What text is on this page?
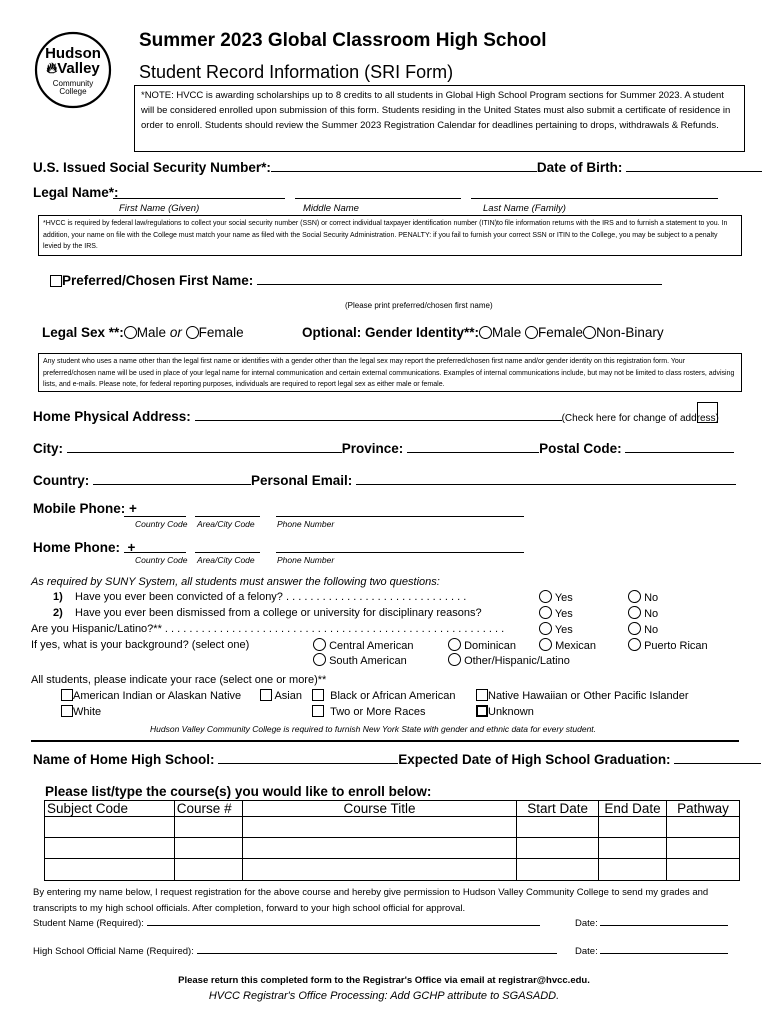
Hudson
🔥︎Valley
Community
College
Summer 2023 Global Classroom High School
Student Record Information (SRI Form)
*NOTE: HVCC is awarding scholarships up to 8 credits to all students in Global High School Program sections for Summer 2023. A student will be considered enrolled upon submission of this form. Students residing in the United States must also submit a certificate of residence in order to enroll. Students should review the Summer 2023 Registration Calendar for deadlines pertaining to drops, withdrawals & Refunds.
U.S. Issued Social Security Number*:	Date of Birth:
Legal Name*:
First Name (Given)	Middle Name	Last Name (Family)
*HVCC is required by federal law/regulations to collect your social security number (SSN) or correct individual taxpayer identification number (ITIN)to file information returns with the IRS and to furnish a statement to you. In addition, your name on file with the College must match your name as filed with the Social Security Administration. PENALTY: if you fail to furnish your correct SSN or ITIN to the College, you may be subject to a penalty levied by the IRS.
Preferred/Chosen First Name:
(Please print preferred/chosen first name)
Legal Sex **: Male or Female	Optional: Gender Identity**: Male Female Non-Binary
Any student who uses a name other than the legal first name or identifies with a gender other than the legal sex may report the preferred/chosen first name and/or gender identity on this registration form. Your preferred/chosen name will be used in place of your legal name for internal communication and certain external communications. Examples of internal communications include, but may not be limited to class rosters, advising lists, and e-mails. Please note, for federal reporting purposes, individuals are required to report legal sex as either male or female.
Home Physical Address:	(Check here for change of address)
City:	Province:	Postal Code:
Country:	Personal Email:
Mobile Phone: +
Country Code Area/City Code	Phone Number
Home Phone:  +
Country Code Area/City Code	Phone Number
As required by SUNY System, all students must answer the following two questions:
1) Have you ever been convicted of a felony? . . . . . . . . . . . . . . . . . . . . . . . . . . . . . .
2) Have you ever been dismissed from a college or university for disciplinary reasons?
Are you Hispanic/Latino?** . . . . . . . . . . . . . . . . . . . . . . . . . . . . . . . . . . . . . . . . . . . . . . . . . . . . . . . .
Yes	No
Yes	No
Yes	No
If yes, what is your background? (select one)	Central American	Dominican	Mexican	Puerto Rican
South American	Other/Hispanic/Latino
All students, please indicate your race (select one or more)**
American Indian or Alaskan Native	Asian	Black or African American	Native Hawaiian or Other Pacific Islander
White	Two or More Races	Unknown
Hudson Valley Community College is required to furnish New York State with gender and ethnic data for every student.
Name of Home High School:	Expected Date of High School Graduation:
Please list/type the course(s) you would like to enroll below:
Subject Code	Course #	Course Title	Start Date	End Date	Pathway

By entering my name below, I request registration for the above course and hereby give permission to Hudson Valley Community College to send my grades and transcripts to my high school officials. After completion, forward to your high school official for approval.
Student Name (Required):	Date:
High School Official Name (Required):	Date:
Please return this completed form to the Registrar's Office via email at registrar@hvcc.edu.
HVCC Registrar's Office Processing: Add GCHP attribute to SGASADD.
